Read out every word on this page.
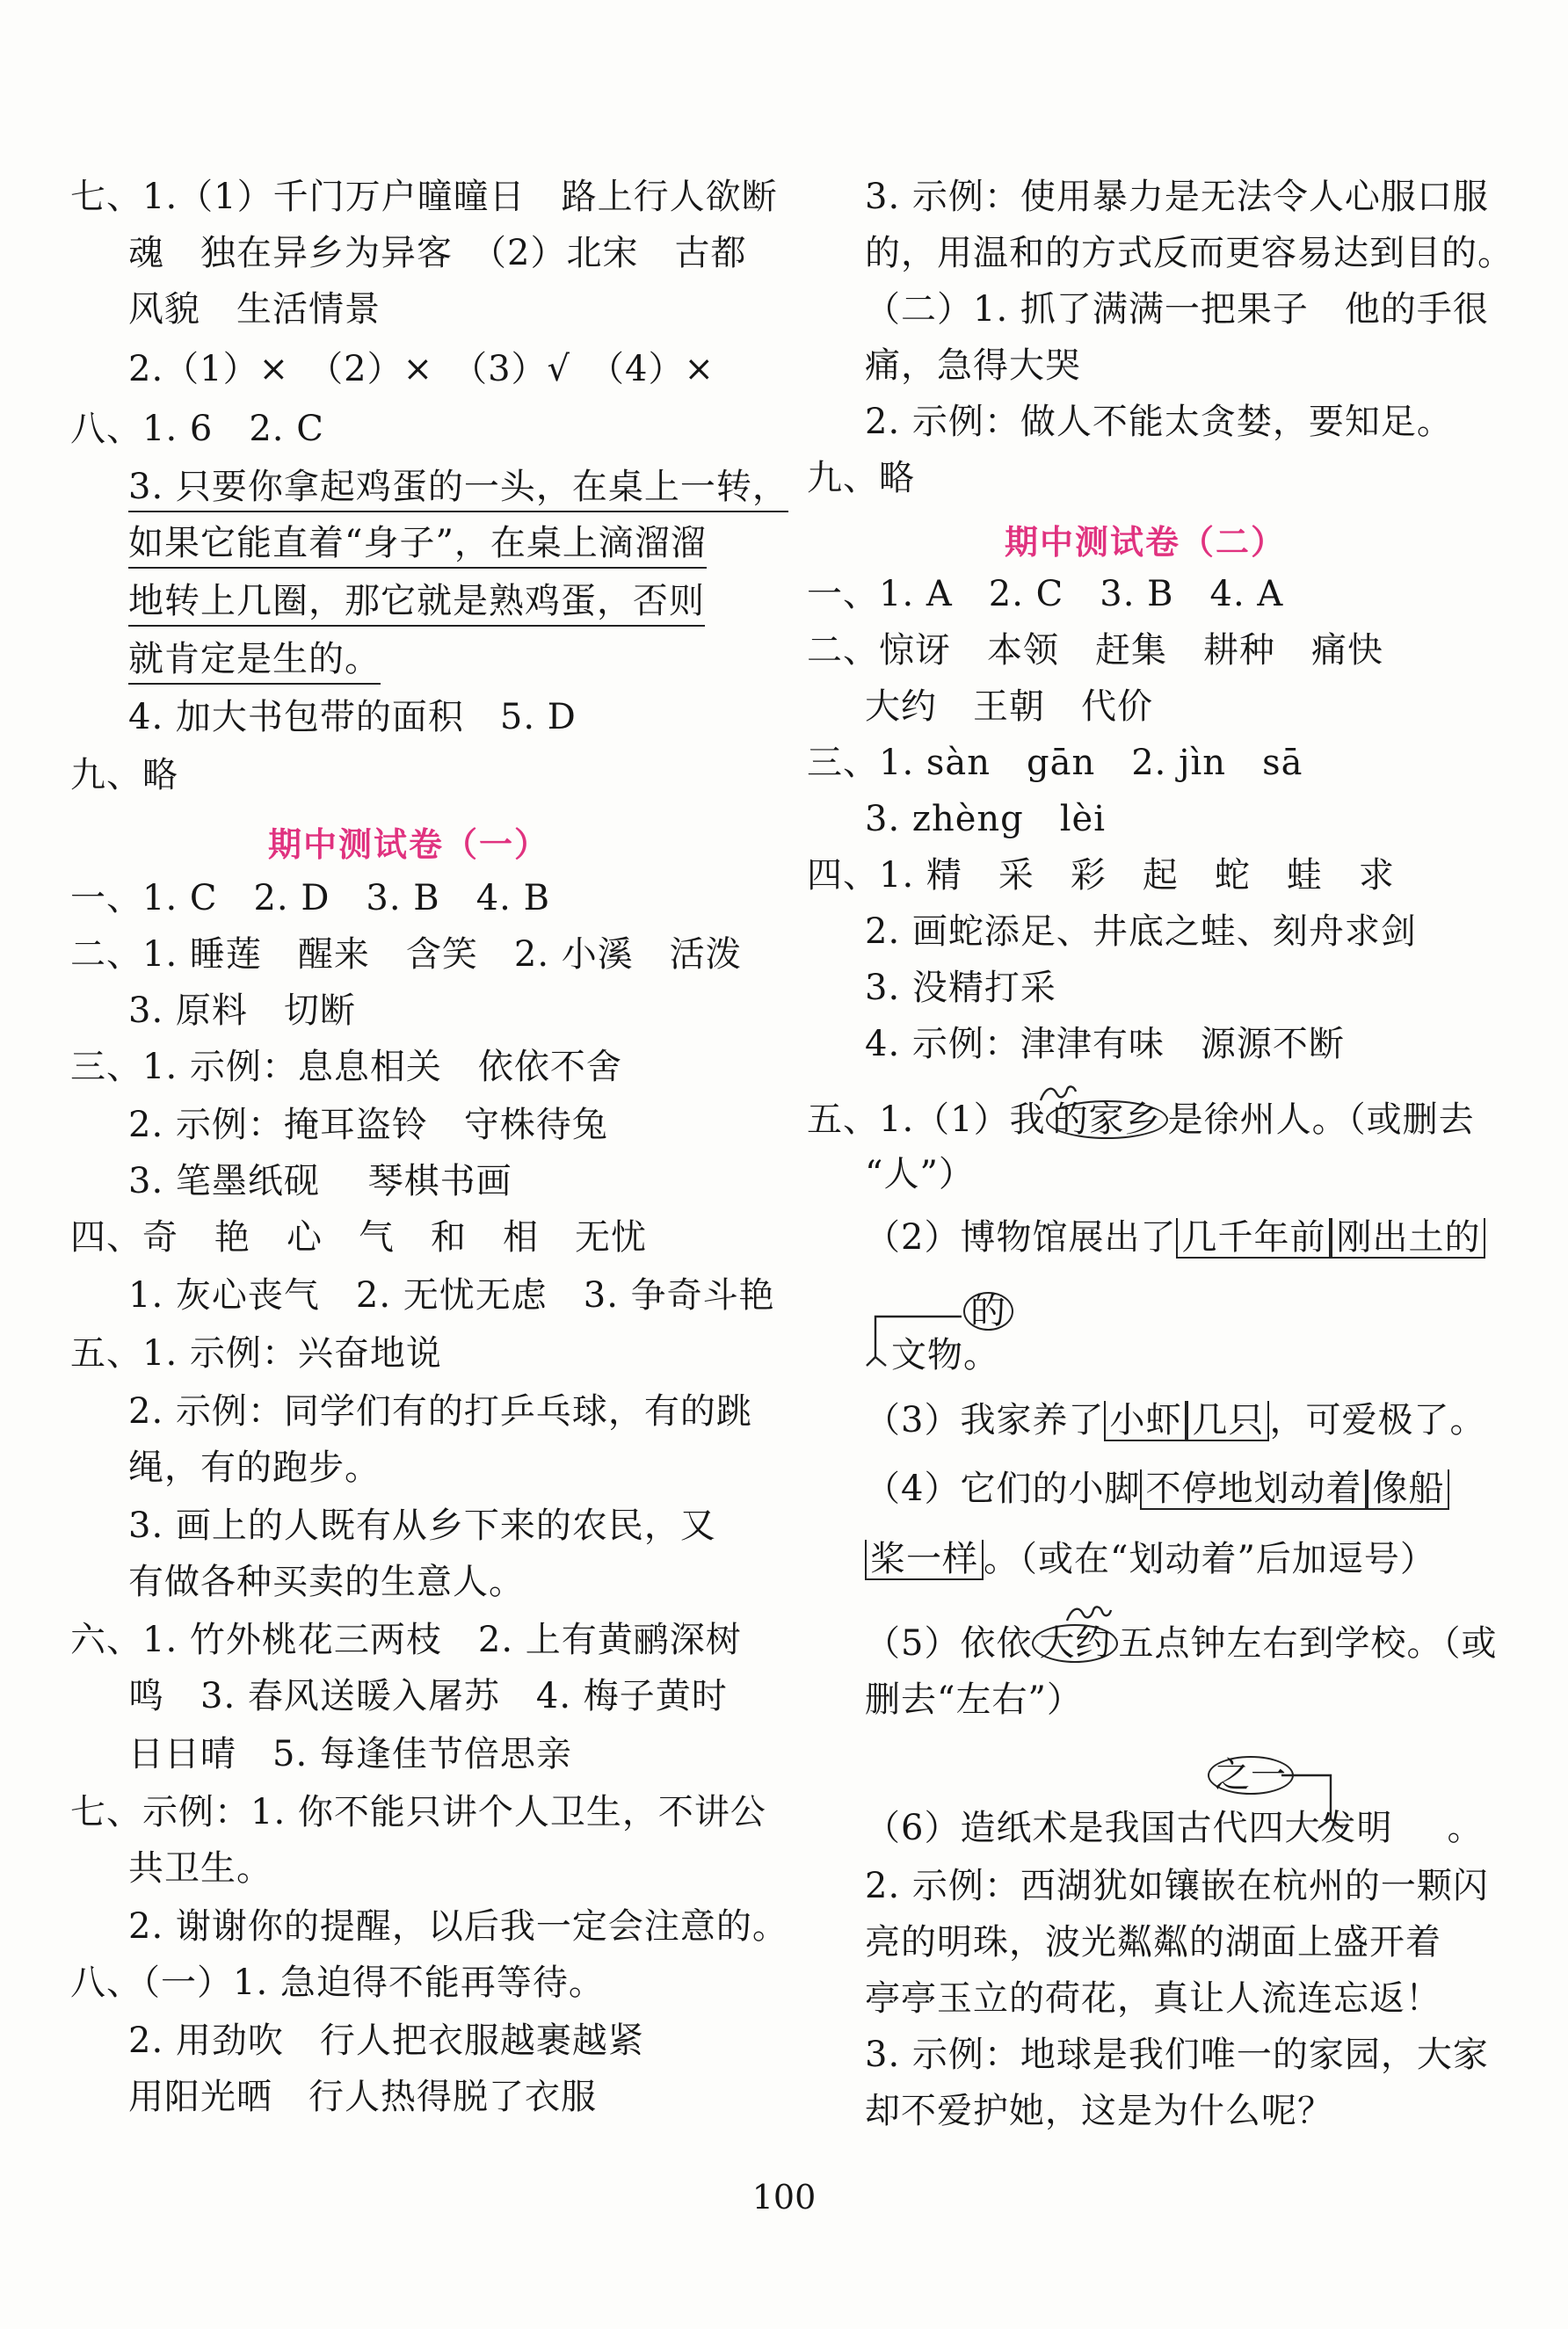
七、1.（1）千门万户曈曈日　路上行人欲断
魂　独在异乡为异客　（2）北宋　古都
风貌　生活情景
2.（1）×　（2）×　（3）√　（4）×
八、1. 6　2. C
3. 只要你拿起鸡蛋的一头，在桌上一转，
如果它能直着“身子”，在桌上滴溜溜
地转上几圈，那它就是熟鸡蛋，否则
就肯定是生的。
4. 加大书包带的面积　5. D
九、略
期中测试卷（一）
一、1. C　2. D　3. B　4. B
二、1. 睡莲　醒来　含笑　2. 小溪　活泼
3. 原料　切断
三、1. 示例：息息相关　依依不舍
2. 示例：掩耳盗铃　守株待兔
3. 笔墨纸砚　 琴棋书画
四、奇　艳　心　气　和　相　无忧
1. 灰心丧气　2. 无忧无虑　3. 争奇斗艳
五、1. 示例：兴奋地说
2. 示例：同学们有的打乒乓球，有的跳
绳，有的跑步。
3. 画上的人既有从乡下来的农民，又
有做各种买卖的生意人。
六、1. 竹外桃花三两枝　2. 上有黄鹂深树
鸣　3. 春风送暖入屠苏　4. 梅子黄时
日日晴　5. 每逢佳节倍思亲
七、示例：1. 你不能只讲个人卫生，不讲公
共卫生。
2. 谢谢你的提醒，以后我一定会注意的。
八、（一）1. 急迫得不能再等待。
2. 用劲吹　行人把衣服越裹越紧
用阳光晒　行人热得脱了衣服
3. 示例：使用暴力是无法令人心服口服
的，用温和的方式反而更容易达到目的。
（二）1. 抓了满满一把果子　他的手很
痛，急得大哭
2. 示例：做人不能太贪婪，要知足。
九、略
期中测试卷（二）
一、1. A　2. C　3. B　4. A
二、惊讶　本领　赶集　耕种　痛快
大约　王朝　代价
三、1. sàn　gān　2. jìn　sā
3. zhèng　lèi
四、1. 精　采　彩　起　蛇　蛙　求
2. 画蛇添足、井底之蛙、刻舟求剑
3. 没精打采
4. 示例：津津有味　源源不断
五、1.（1）我 的家乡 是徐州人。（或删去
“人”）
（2）博物馆展出了 几千年前 刚出土的
的
文物。
（3）我家养了 小虾 几只 ，可爱极了。
（4）它们的小脚 不停地划动着 像船
桨一样 。（或在“划动着”后加逗号）
（5）依依 大约 五点钟左右到学校。（或
删去“左右”）
之一
（6）造纸术是我国古代四大发明 。
2. 示例：西湖犹如镶嵌在杭州的一颗闪
亮的明珠，波光粼粼的湖面上盛开着
亭亭玉立的荷花，真让人流连忘返！
3. 示例：地球是我们唯一的家园，大家
却不爱护她，这是为什么呢？
100
